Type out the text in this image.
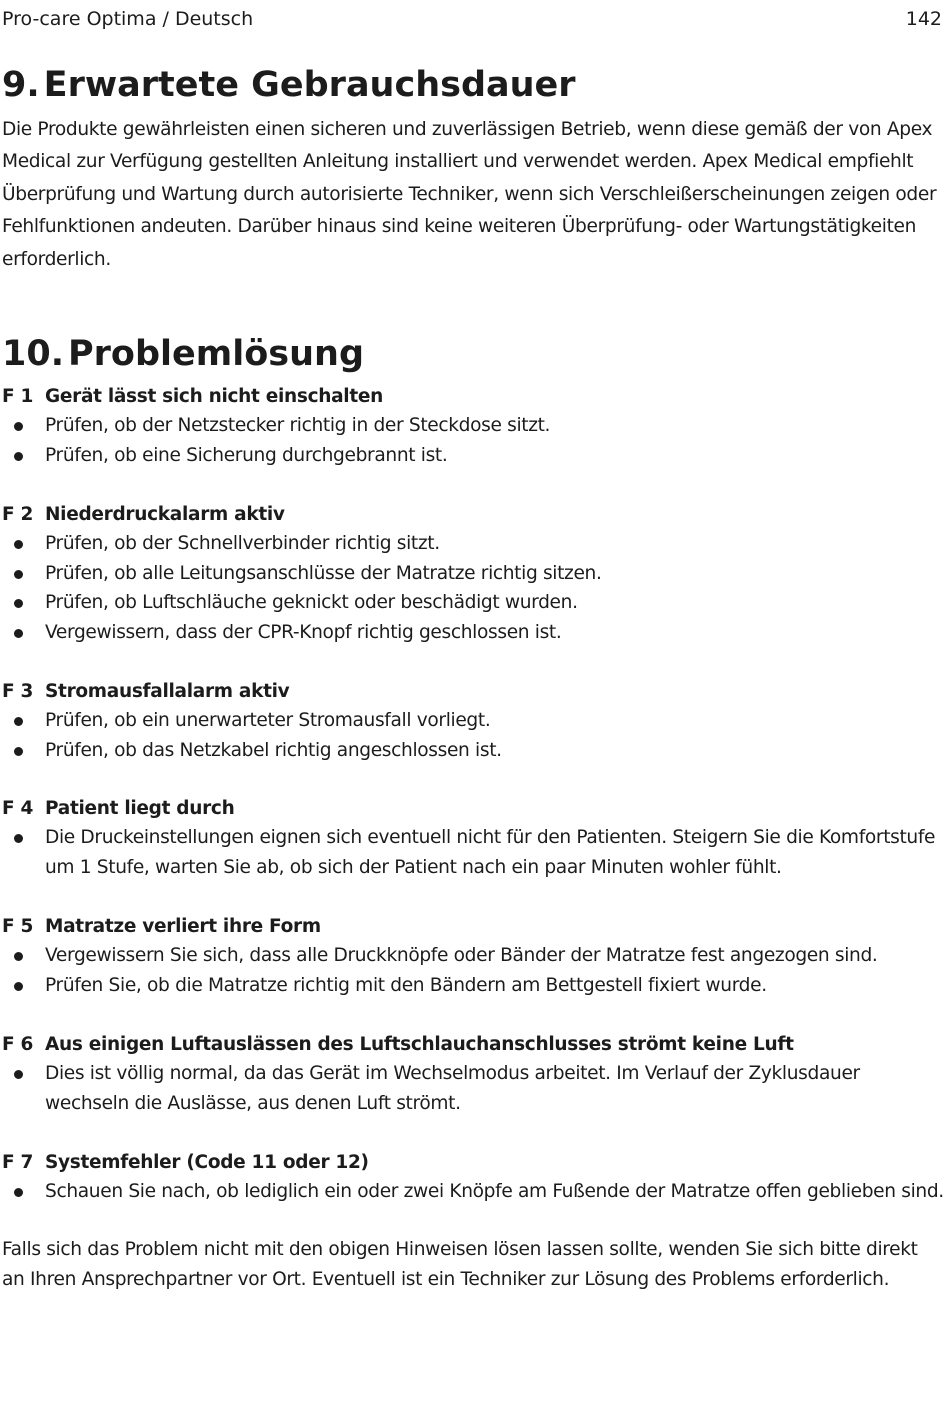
Pro-care Optima / Deutsch	142
9. Erwartete Gebrauchsdauer

Die Produkte gewährleisten einen sicheren und zuverlässigen Betrieb, wenn diese gemäß der von Apex Medical zur Verfügung gestellten Anleitung installiert und verwendet werden. Apex Medical empfiehlt Überprüfung und Wartung durch autorisierte Techniker, wenn sich Verschleißerscheinungen zeigen oder Fehlfunktionen andeuten. Darüber hinaus sind keine weiteren Überprüfung- oder Wartungstätigkeiten erforderlich.

10. Problemlösung
F 1 Gerät lässt sich nicht einschalten
Prüfen, ob der Netzstecker richtig in der Steckdose sitzt.
Prüfen, ob eine Sicherung durchgebrannt ist.
F 2 Niederdruckalarm aktiv
Prüfen, ob der Schnellverbinder richtig sitzt.
Prüfen, ob alle Leitungsanschlüsse der Matratze richtig sitzen.
Prüfen, ob Luftschläuche geknickt oder beschädigt wurden.
Vergewissern, dass der CPR-Knopf richtig geschlossen ist.
F 3 Stromausfallalarm aktiv
Prüfen, ob ein unerwarteter Stromausfall vorliegt.
Prüfen, ob das Netzkabel richtig angeschlossen ist.
F 4 Patient liegt durch
Die Druckeinstellungen eignen sich eventuell nicht für den Patienten. Steigern Sie die Komfortstufe um 1 Stufe, warten Sie ab, ob sich der Patient nach ein paar Minuten wohler fühlt.
F 5 Matratze verliert ihre Form
Vergewissern Sie sich, dass alle Druckknöpfe oder Bänder der Matratze fest angezogen sind.
Prüfen Sie, ob die Matratze richtig mit den Bändern am Bettgestell fixiert wurde.
F 6 Aus einigen Luftauslässen des Luftschlauchanschlusses strömt keine Luft
Dies ist völlig normal, da das Gerät im Wechselmodus arbeitet. Im Verlauf der Zyklusdauer wechseln die Auslässe, aus denen Luft strömt.
F 7 Systemfehler (Code 11 oder 12)
Schauen Sie nach, ob lediglich ein oder zwei Knöpfe am Fußende der Matratze offen geblieben sind.

Falls sich das Problem nicht mit den obigen Hinweisen lösen lassen sollte, wenden Sie sich bitte direkt an Ihren Ansprechpartner vor Ort. Eventuell ist ein Techniker zur Lösung des Problems erforderlich.
